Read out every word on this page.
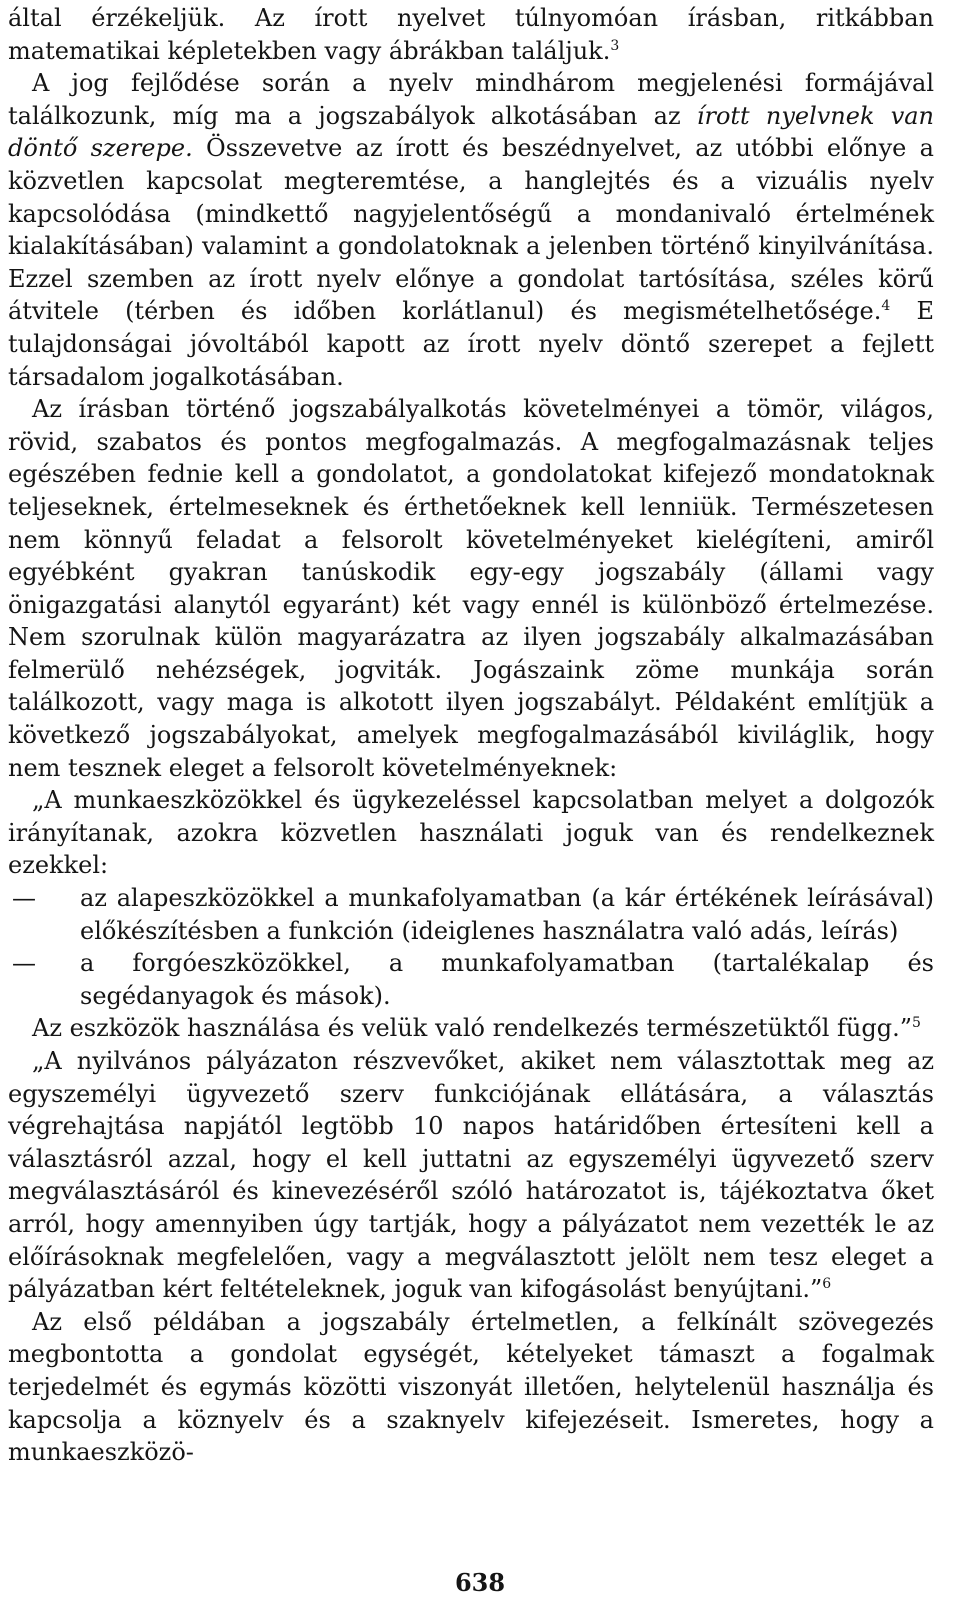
által érzékeljük. Az írott nyelvet túlnyomóan írásban, ritkábban matematikai képletekben vagy ábrákban találjuk.$^3$

A jog fejlődése során a nyelv mindhárom megjelenési formájával találkozunk, míg ma a jogszabályok alkotásában az írott nyelvnek van döntő szerepe. Összevetve az írott és beszédnyelvet, az utóbbi előnye a közvetlen kapcsolat megteremtése, a hanglejtés és a vizuális nyelv kapcsolódása (mindkettő nagyjelentőségű a mondanivaló értelmének kialakításában) valamint a gondolatoknak a jelenben történő kinyilvánítása. Ezzel szemben az írott nyelv előnye a gondolat tartósítása, széles körű átvitele (térben és időben korlátlanul) és megismételhetősége.$^4$ E tulajdonságai jóvoltából kapott az írott nyelv döntő szerepet a fejlett társadalom jogalkotásában.

Az írásban történő jogszabályalkotás követelményei a tömör, világos, rövid, szabatos és pontos megfogalmazás. A megfogalmazásnak teljes egészében fednie kell a gondolatot, a gondolatokat kifejező mondatoknak teljeseknek, értelmeseknek és érthetőeknek kell lenniük. Természetesen nem könnyű feladat a felsorolt követelményeket kielégíteni, amiről egyébként gyakran tanúskodik egy-egy jogszabály (állami vagy önigazgatási alanytól egyaránt) két vagy ennél is különböző értelmezése. Nem szorulnak külön magyarázatra az ilyen jogszabály alkalmazásában felmerülő nehézségek, jogviták. Jogászaink zöme munkája során találkozott, vagy maga is alkotott ilyen jogszabályt. Példaként említjük a következő jogszabályokat, amelyek megfogalmazásából kiviláglik, hogy nem tesznek eleget a felsorolt követelményeknek:

„A munkaeszközökkel és ügykezeléssel kapcsolatban melyet a dolgozók irányítanak, azokra közvetlen használati joguk van és rendelkeznek ezekkel:

— az alapeszközökkel a munkafolyamatban (a kár értékének leírásával) előkészítésben a funkción (ideiglenes használatra való adás, leírás)

— a forgóeszközökkel, a munkafolyamatban (tartalékalap és segédanyagok és mások).

Az eszközök használása és velük való rendelkezés természetüktől függ.”$^5$

„A nyilvános pályázaton részvevőket, akiket nem választottak meg az egyszemélyi ügyvezető szerv funkciójának ellátására, a választás végrehajtása napjától legtöbb 10 napos határidőben értesíteni kell a választásról azzal, hogy el kell juttatni az egyszemélyi ügyvezető szerv megválasztásáról és kinevezéséről szóló határozatot is, tájékoztatva őket arról, hogy amennyiben úgy tartják, hogy a pályázatot nem vezették le az előírásoknak megfelelően, vagy a megválasztott jelölt nem tesz eleget a pályázatban kért feltételeknek, joguk van kifogásolást benyújtani.”$^6$

Az első példában a jogszabály értelmetlen, a felkínált szövegezés megbontotta a gondolat egységét, kételyeket támaszt a fogalmak terjedelmét és egymás közötti viszonyát illetően, helytelenül használja és kapcsolja a köznyelv és a szaknyelv kifejezéseit. Ismeretes, hogy a munkaeszközö-

638
